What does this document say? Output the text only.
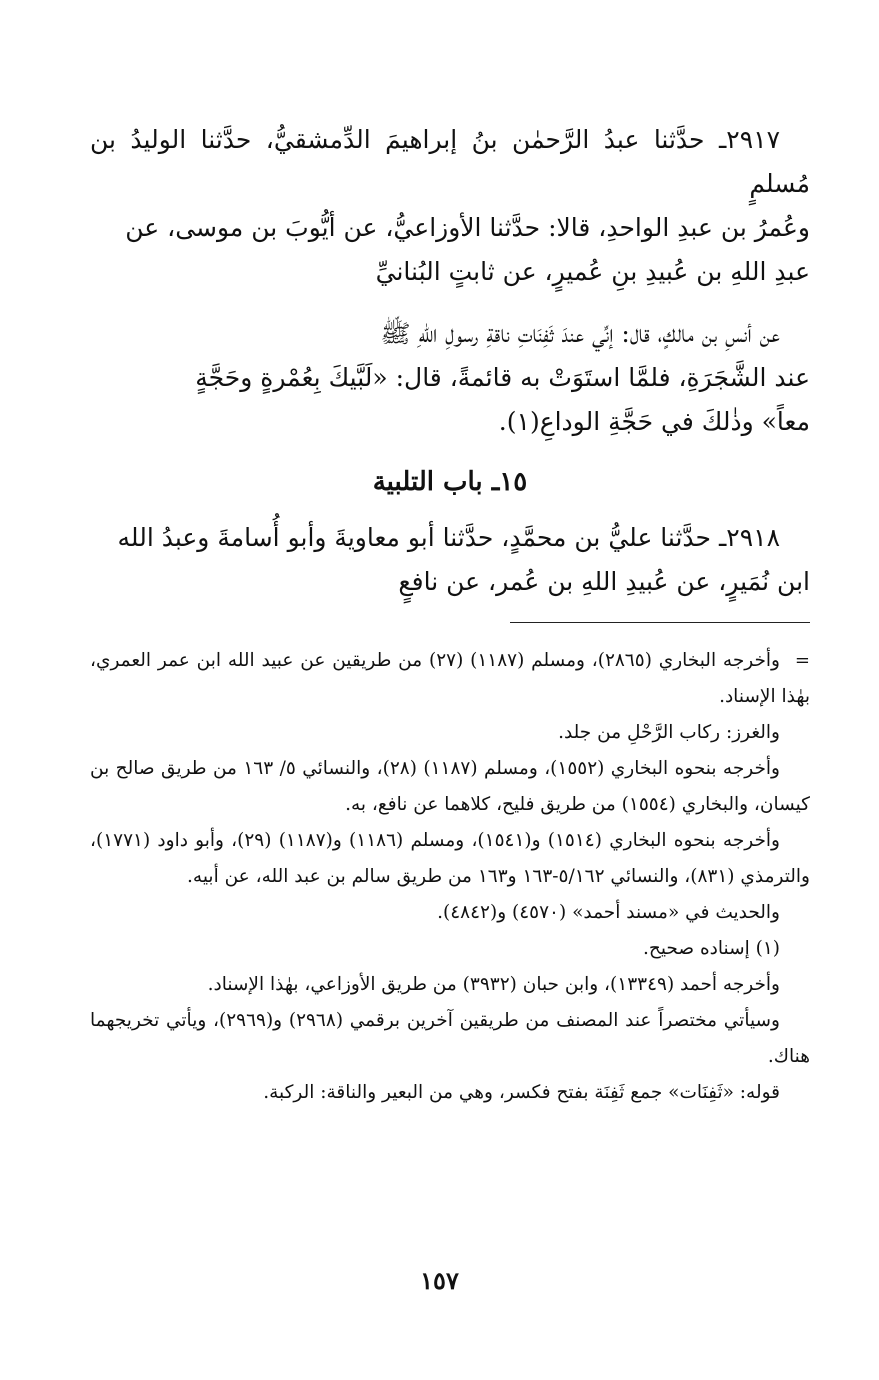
٢٩١٧ـ حدَّثنا عبدُ الرَّحمٰن بنُ إبراهيمَ الدِّمشقيُّ، حدَّثنا الوليدُ بن مُسلمٍ

وعُمرُ بن عبدِ الواحدِ، قالا: حدَّثنا الأوزاعيُّ، عن أيُّوبَ بن موسى، عن

عبدِ اللهِ بن عُبيدِ بنِ عُميرٍ، عن ثابتٍ البُنانيِّ

عن أنسِ بن مالكٍ، قال: إنِّي عندَ ثَفِنَاتِ ناقةِ رسولِ اللهِ ﷺ

عند الشَّجَرَةِ، فلمَّا استَوَتْ به قائمةً، قال: «لَبَّيكَ بِعُمْرةٍ وحَجَّةٍ

معاً» وذٰلكَ في حَجَّةِ الوداعِ(١).

١٥ـ باب التلبية

٢٩١٨ـ حدَّثنا عليُّ بن محمَّدٍ، حدَّثنا أبو معاويةَ وأبو أُسامةَ وعبدُ الله

ابن نُمَيرٍ، عن عُبيدِ اللهِ بن عُمر، عن نافعٍ

=
وأخرجه البخاري (٢٨٦٥)، ومسلم (١١٨٧) (٢٧) من طريقين عن عبيد الله ابن عمر العمري، بهٰذا الإسناد.

والغرز: ركاب الرَّحْلِ من جلد.

وأخرجه بنحوه البخاري (١٥٥٢)، ومسلم (١١٨٧) (٢٨)، والنسائي ٥/ ١٦٣ من طريق صالح بن كيسان، والبخاري (١٥٥٤) من طريق فليح، كلاهما عن نافع، به.

وأخرجه بنحوه البخاري (١٥١٤) و(١٥٤١)، ومسلم (١١٨٦) و(١١٨٧) (٢٩)، وأبو داود (١٧٧١)، والترمذي (٨٣١)، والنسائي ٥/١٦٢-١٦٣ و١٦٣ من طريق سالم بن عبد الله، عن أبيه.

والحديث في «مسند أحمد» (٤٥٧٠) و(٤٨٤٢).

(١) إسناده صحيح.

وأخرجه أحمد (١٣٣٤٩)، وابن حبان (٣٩٣٢) من طريق الأوزاعي، بهٰذا الإسناد.

وسيأتي مختصراً عند المصنف من طريقين آخرين برقمي (٢٩٦٨) و(٢٩٦٩)، ويأتي تخريجهما هناك.

قوله: «ثَفِنَات» جمع ثَفِنَة بفتح فكسر، وهي من البعير والناقة: الركبة.

١٥٧
